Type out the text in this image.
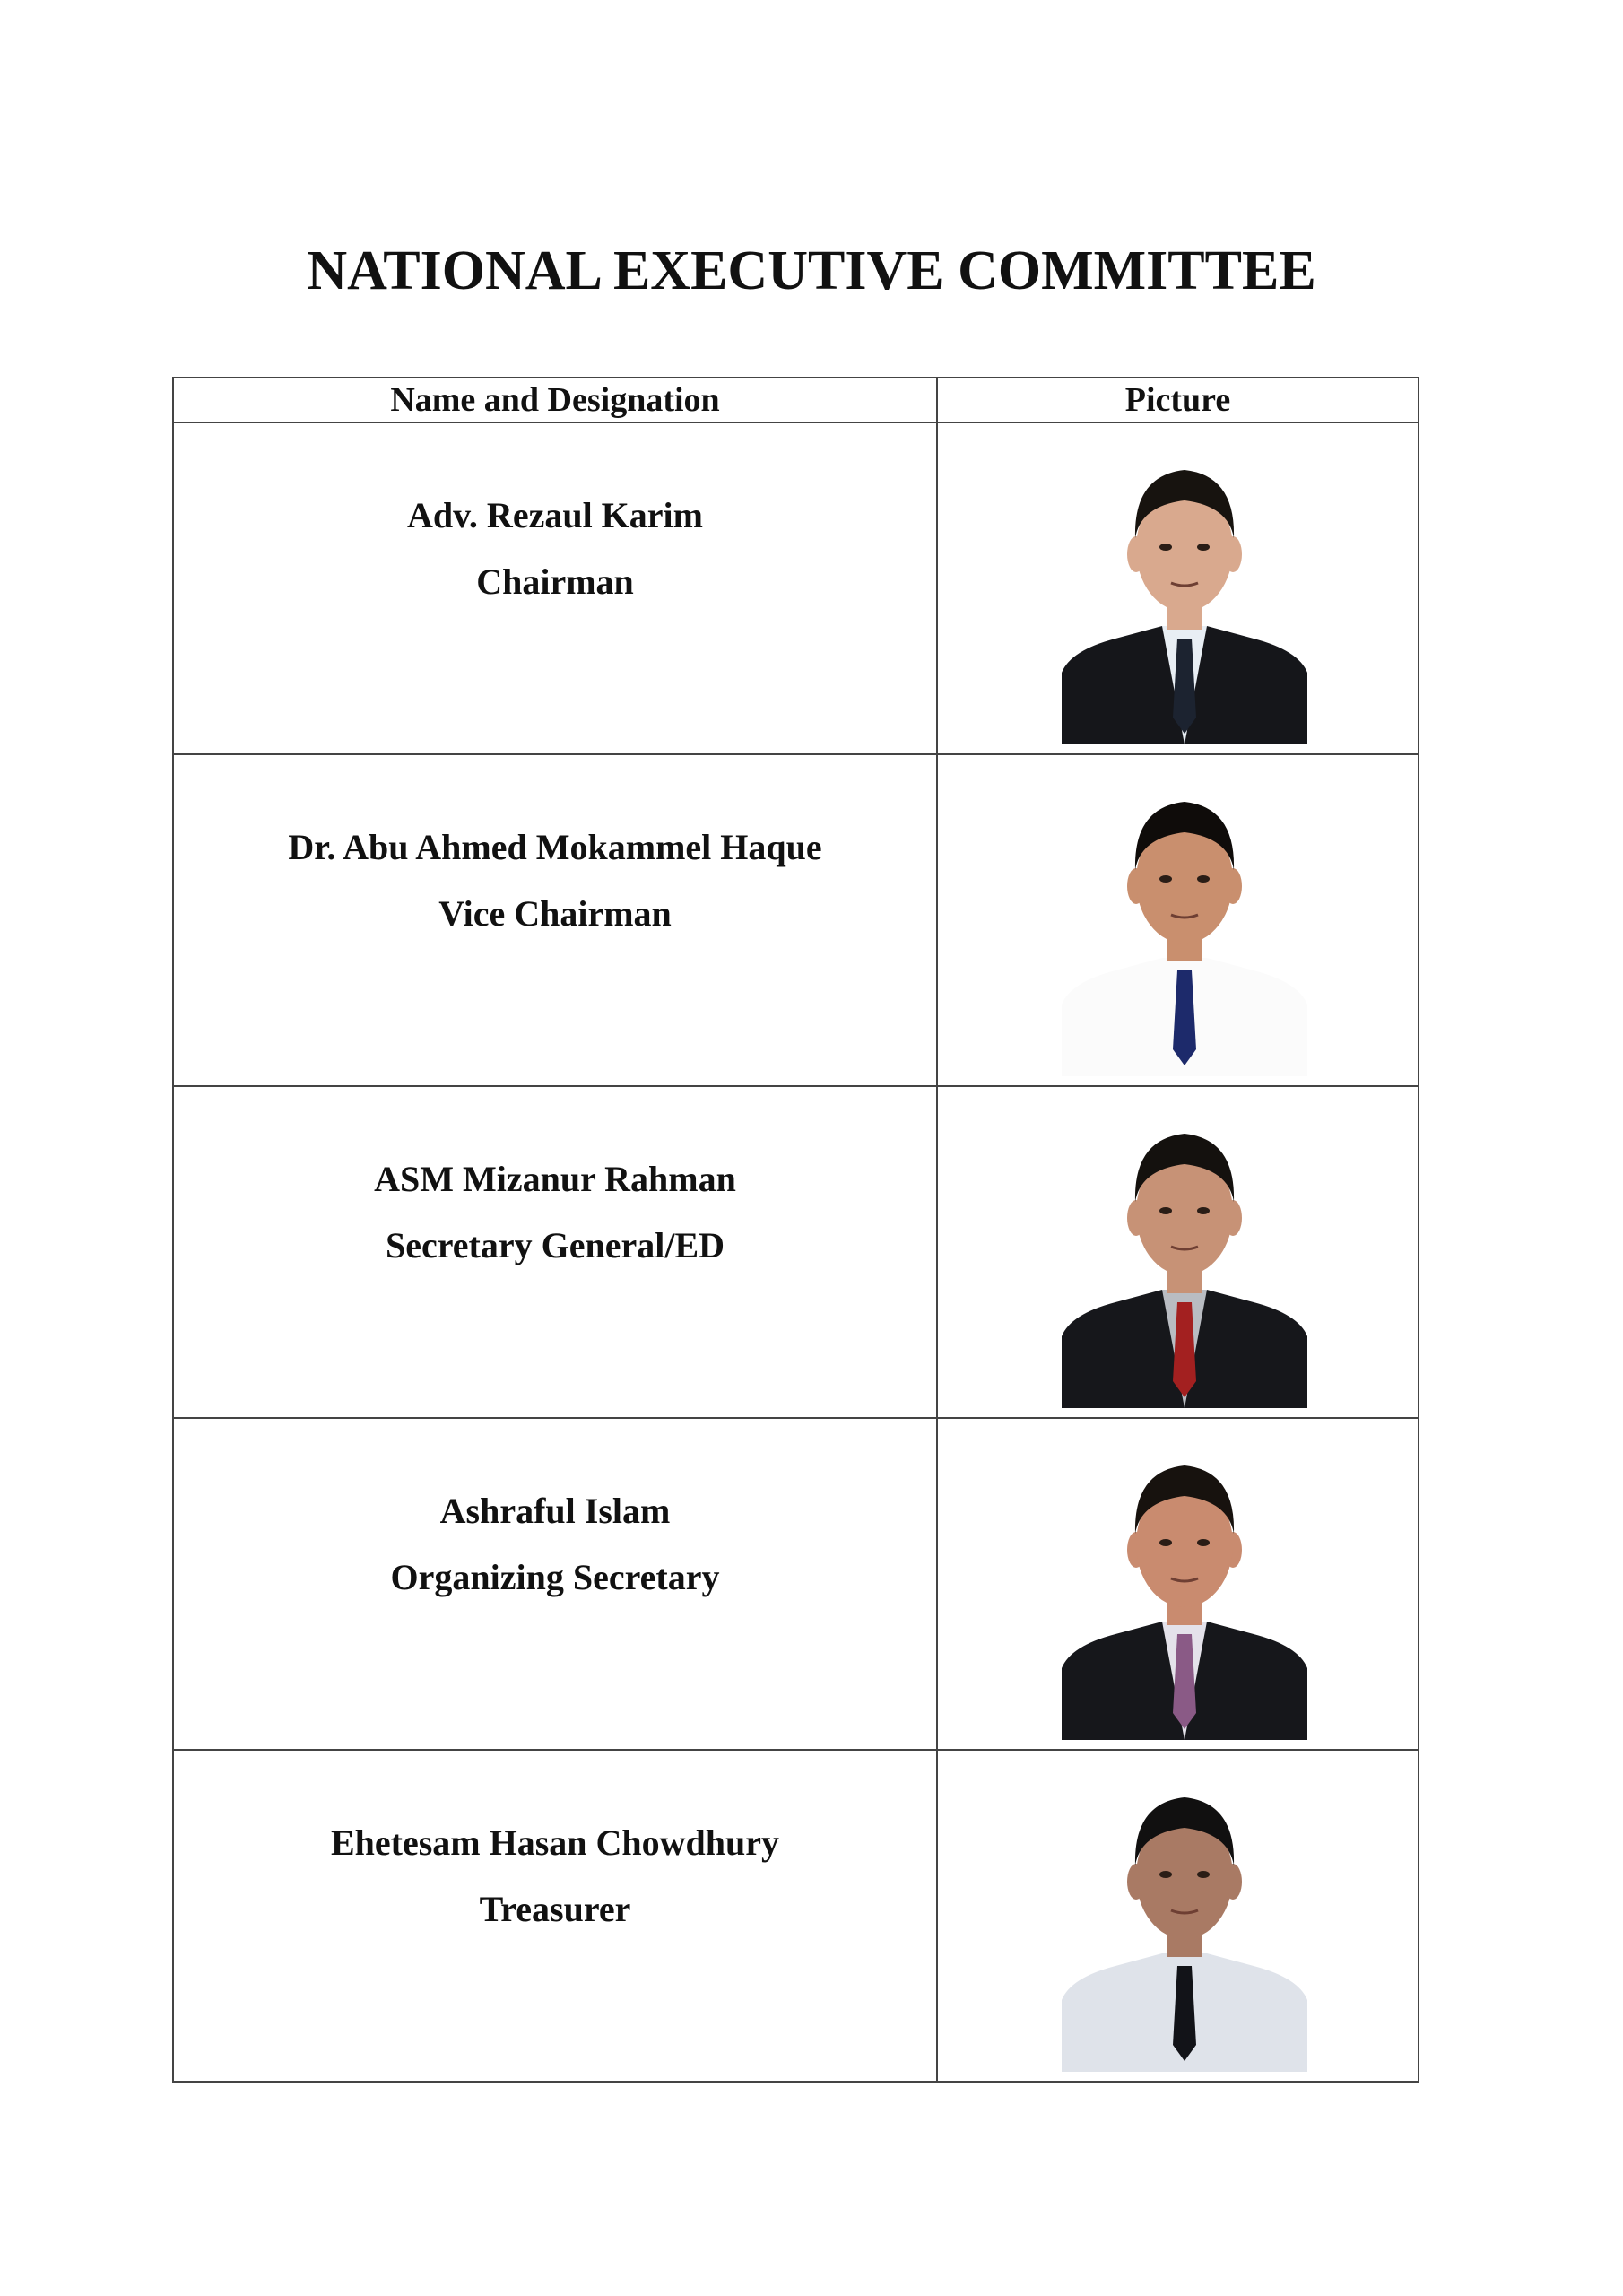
NATIONAL EXECUTIVE COMMITTEE
Name and Designation	Picture

Adv. Rezaul Karim
Chairman

Dr. Abu Ahmed Mokammel Haque
Vice Chairman

ASM Mizanur Rahman
Secretary General/ED

Ashraful Islam
Organizing Secretary

Ehetesam Hasan Chowdhury
Treasurer
